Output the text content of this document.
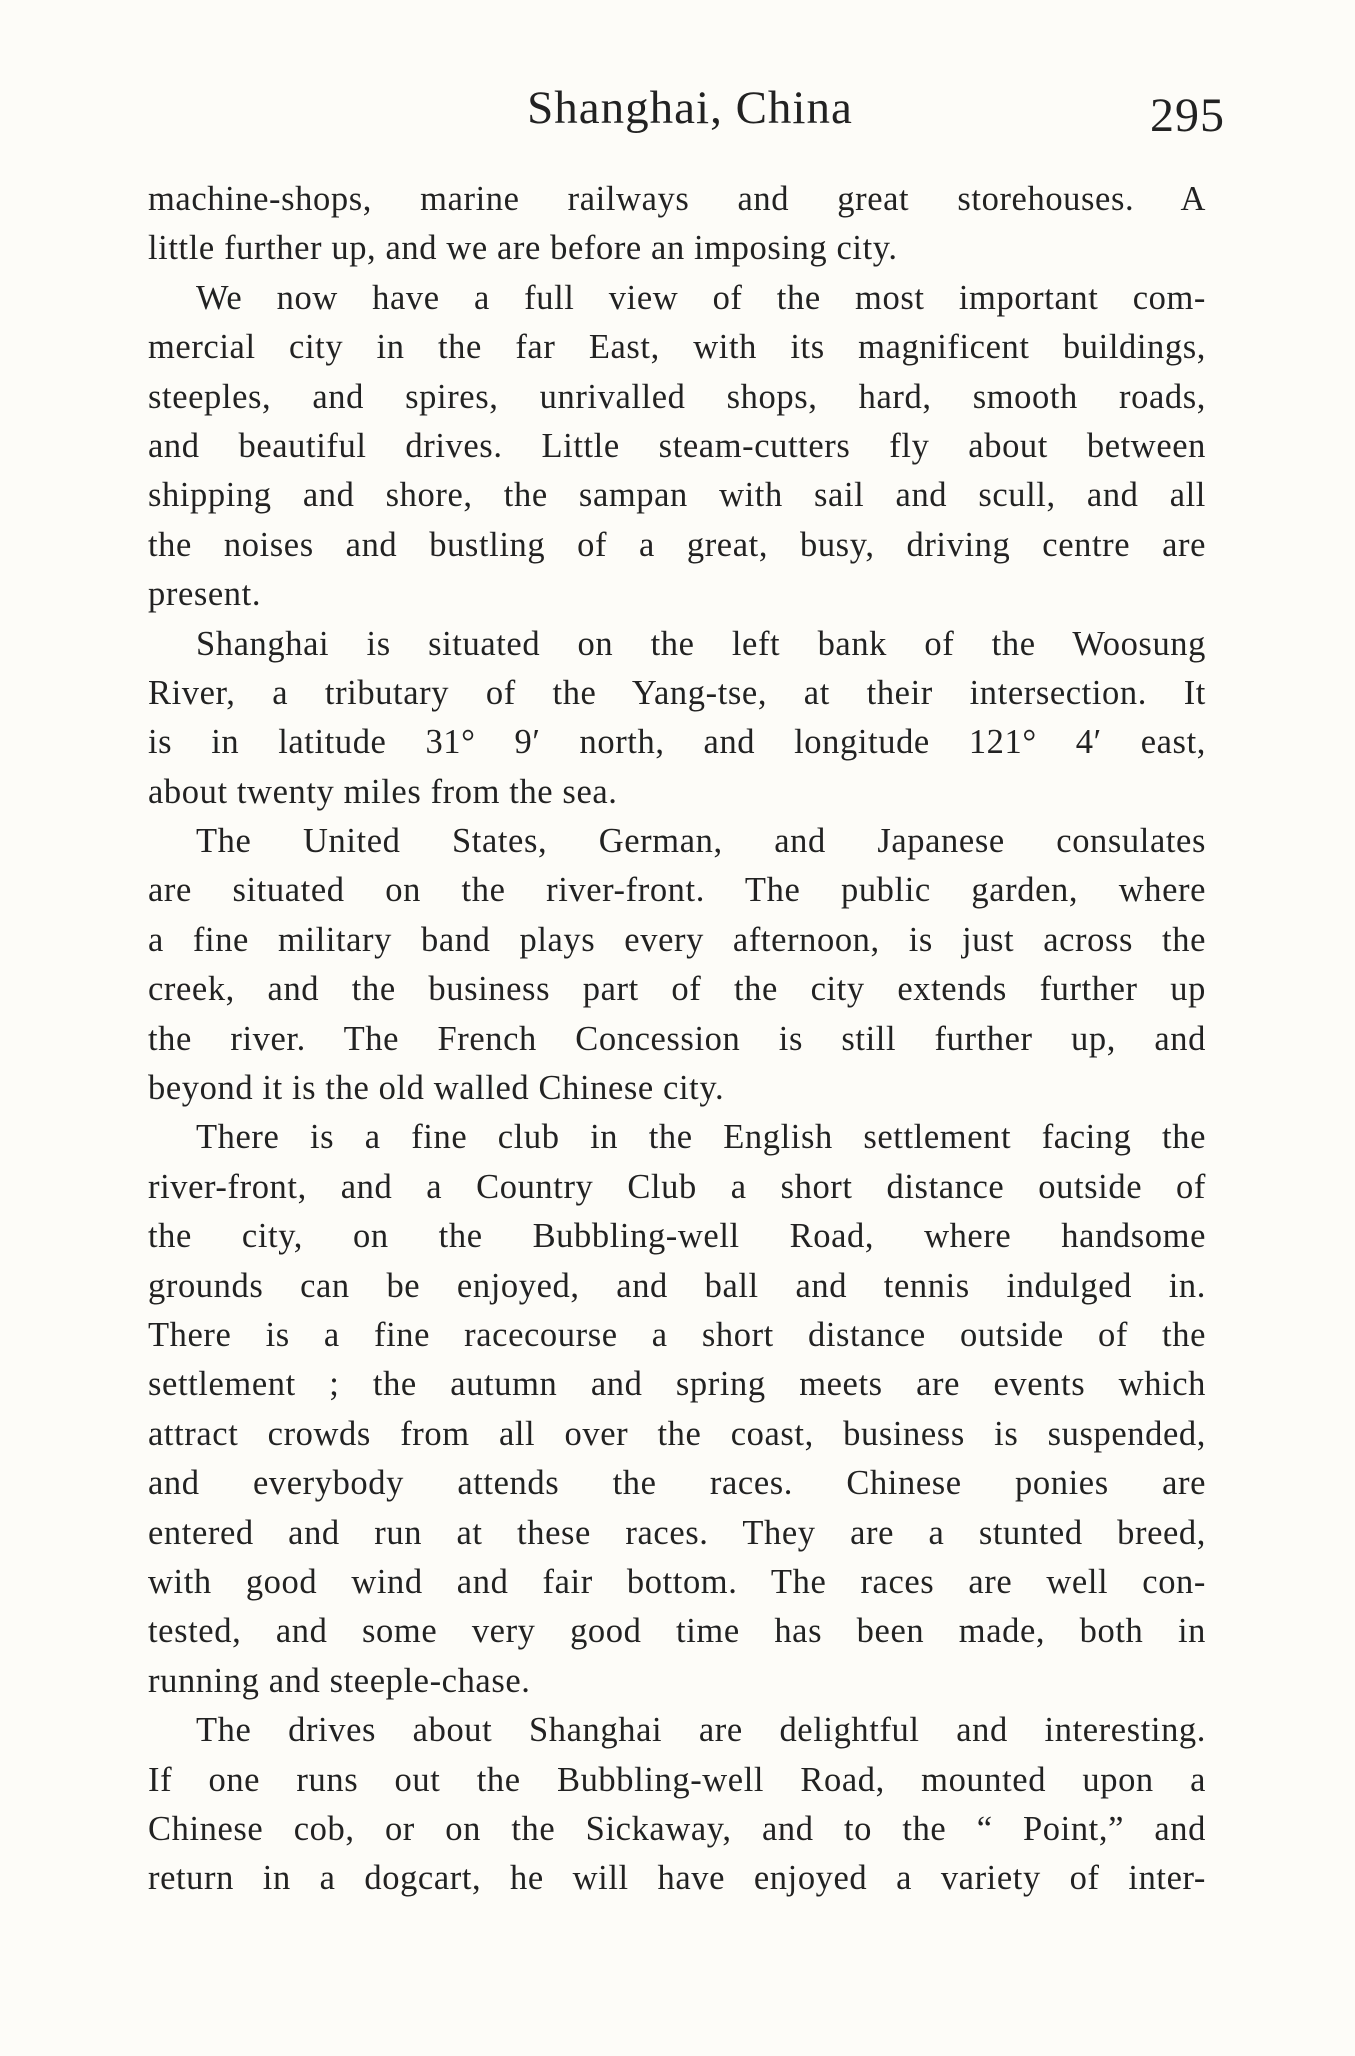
Shanghai, China	295
machine-shops, marine railways and great storehouses. A
little further up, and we are before an imposing city.
We now have a full view of the most important com-
mercial city in the far East, with its magnificent buildings,
steeples, and spires, unrivalled shops, hard, smooth roads,
and beautiful drives. Little steam-cutters fly about between
shipping and shore, the sampan with sail and scull, and all
the noises and bustling of a great, busy, driving centre are
present.
Shanghai is situated on the left bank of the Woosung
River, a tributary of the Yang-tse, at their intersection. It
is in latitude 31° 9′ north, and longitude 121° 4′ east,
about twenty miles from the sea.
The United States, German, and Japanese consulates
are situated on the river-front. The public garden, where
a fine military band plays every afternoon, is just across the
creek, and the business part of the city extends further up
the river. The French Concession is still further up, and
beyond it is the old walled Chinese city.
There is a fine club in the English settlement facing the
river-front, and a Country Club a short distance outside of
the city, on the Bubbling-well Road, where handsome
grounds can be enjoyed, and ball and tennis indulged in.
There is a fine racecourse a short distance outside of the
settlement ; the autumn and spring meets are events which
attract crowds from all over the coast, business is suspended,
and everybody attends the races. Chinese ponies are
entered and run at these races. They are a stunted breed,
with good wind and fair bottom. The races are well con-
tested, and some very good time has been made, both in
running and steeple-chase.
The drives about Shanghai are delightful and interesting.
If one runs out the Bubbling-well Road, mounted upon a
Chinese cob, or on the Sickaway, and to the “ Point,” and
return in a dogcart, he will have enjoyed a variety of inter-
